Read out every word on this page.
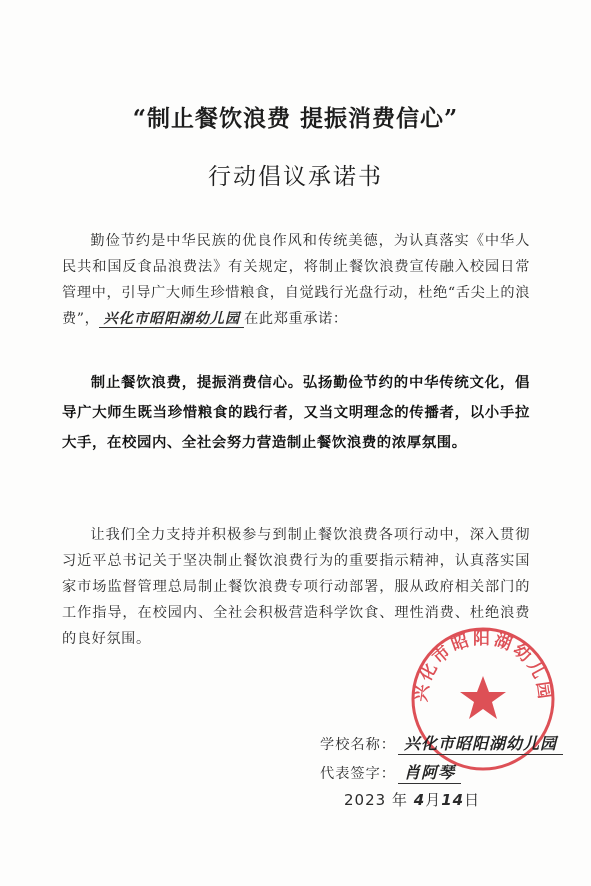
“制止餐饮浪费 提振消费信心”
行动倡议承诺书
勤俭节约是中华民族的优良作风和传统美德，为认真落实《中华人民共和国反食品浪费法》有关规定，将制止餐饮浪费宣传融入校园日常管理中，引导广大师生珍惜粮食，自觉践行光盘行动，杜绝“舌尖上的浪费”， 兴化市昭阳湖幼儿园 在此郑重承诺：
制止餐饮浪费，提振消费信心。弘扬勤俭节约的中华传统文化，倡导广大师生既当珍惜粮食的践行者，又当文明理念的传播者，以小手拉大手，在校园内、全社会努力营造制止餐饮浪费的浓厚氛围。
让我们全力支持并积极参与到制止餐饮浪费各项行动中，深入贯彻习近平总书记关于坚决制止餐饮浪费行为的重要指示精神，认真落实国家市场监督管理总局制止餐饮浪费专项行动部署，服从政府相关部门的工作指导，在校园内、全社会积极营造科学饮食、理性消费、杜绝浪费的良好氛围。
兴化市昭阳湖幼儿园
学校名称： 兴化市昭阳湖幼儿园
代表签字： 肖阿琴
2023 年 4月14日
